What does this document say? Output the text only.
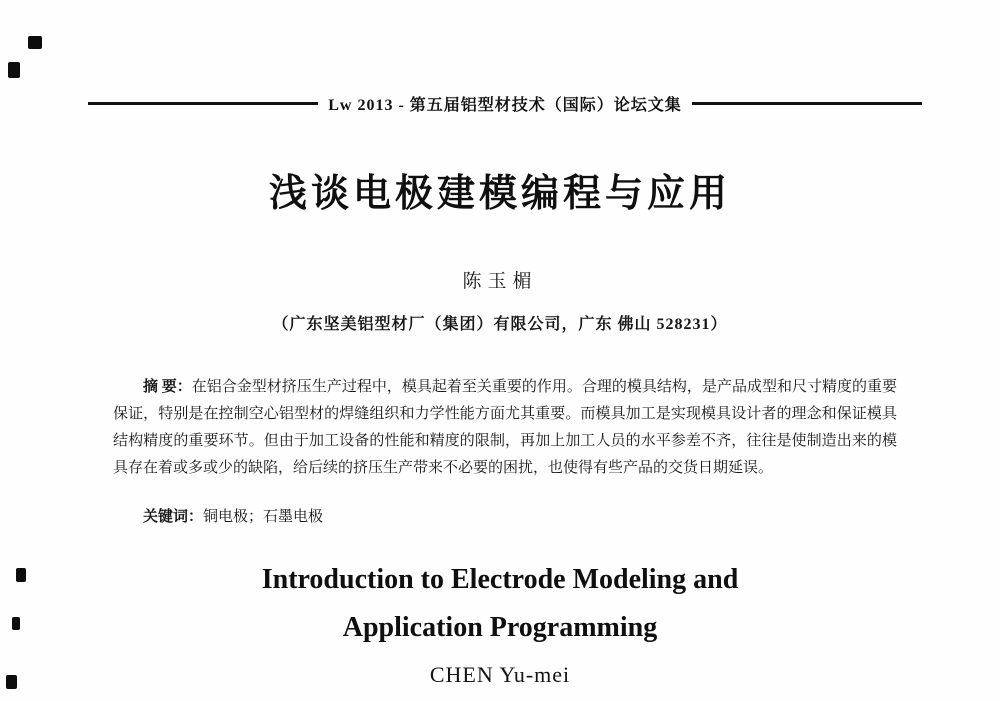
Lw 2013 - 第五届铝型材技术（国际）论坛文集
浅谈电极建模编程与应用
陈玉楣
（广东坚美铝型材厂（集团）有限公司，广东 佛山 528231）

摘 要：在铝合金型材挤压生产过程中，模具起着至关重要的作用。合理的模具结构，是产品成型和尺寸精度的重要保证，特别是在控制空心铝型材的焊缝组织和力学性能方面尤其重要。而模具加工是实现模具设计者的理念和保证模具结构精度的重要环节。但由于加工设备的性能和精度的限制，再加上加工人员的水平参差不齐，往往是使制造出来的模具存在着或多或少的缺陷，给后续的挤压生产带来不必要的困扰，也使得有些产品的交货日期延误。

关键词：铜电极；石墨电极

Introduction to Electrode Modeling and
Application Programming
CHEN Yu-mei
